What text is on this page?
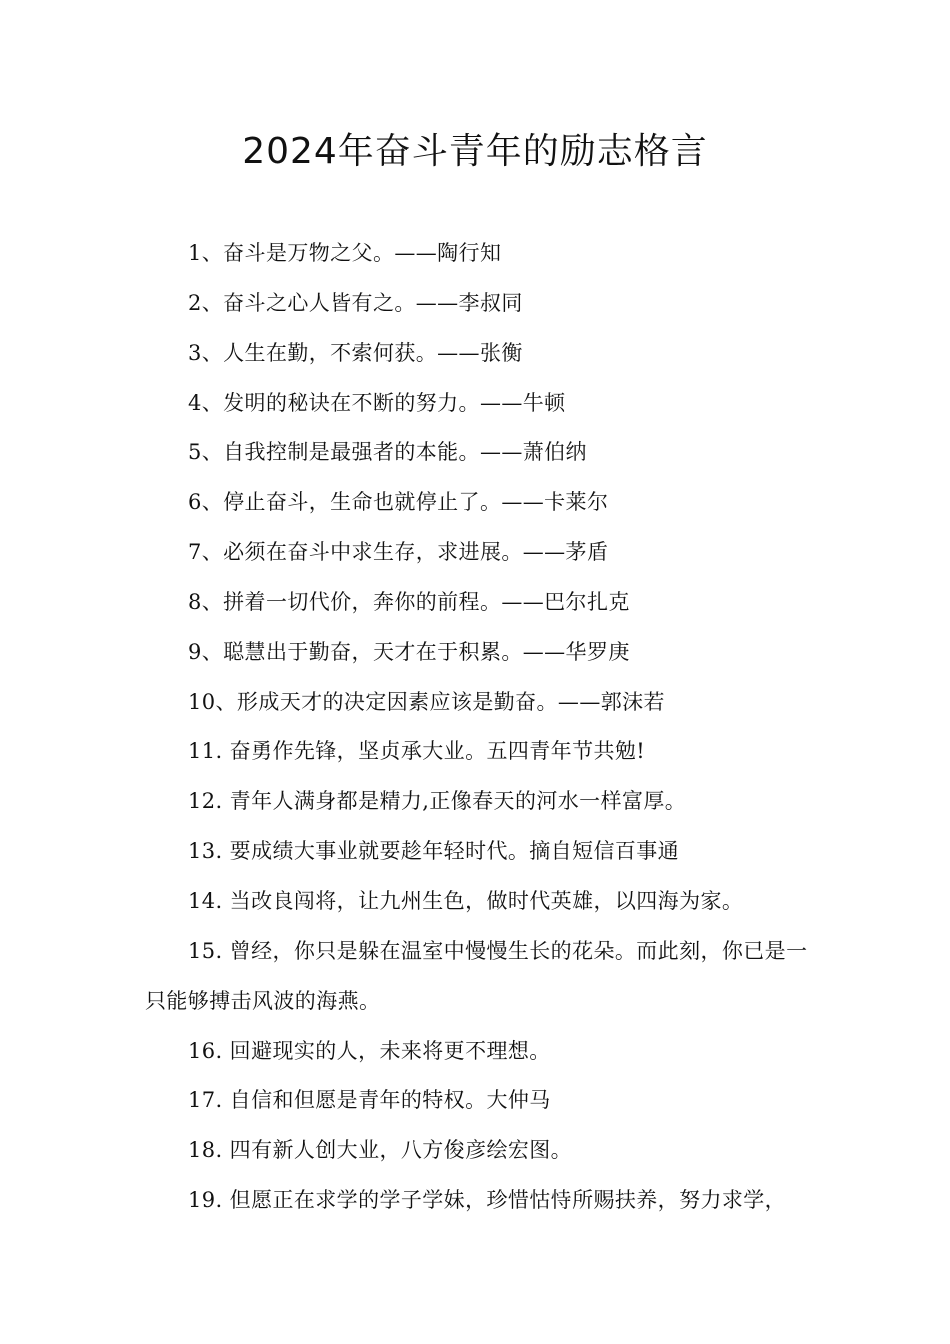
2024年奋斗青年的励志格言
1、奋斗是万物之父。——陶行知
2、奋斗之心人皆有之。——李叔同
3、人生在勤，不索何获。——张衡
4、发明的秘诀在不断的努力。——牛顿
5、自我控制是最强者的本能。——萧伯纳
6、停止奋斗，生命也就停止了。——卡莱尔
7、必须在奋斗中求生存，求进展。——茅盾
8、拼着一切代价，奔你的前程。——巴尔扎克
9、聪慧出于勤奋，天才在于积累。——华罗庚
10、形成天才的决定因素应该是勤奋。——郭沫若
11. 奋勇作先锋，坚贞承大业。五四青年节共勉!
12. 青年人满身都是精力,正像春天的河水一样富厚。
13. 要成绩大事业就要趁年轻时代。摘自短信百事通
14. 当改良闯将，让九州生色，做时代英雄，以四海为家。
15. 曾经，你只是躲在温室中慢慢生长的花朵。而此刻，你已是一只能够搏击风波的海燕。
16. 回避现实的人，未来将更不理想。
17. 自信和但愿是青年的特权。大仲马
18. 四有新人创大业，八方俊彦绘宏图。
19. 但愿正在求学的学子学妹，珍惜怙恃所赐扶养，努力求学，
